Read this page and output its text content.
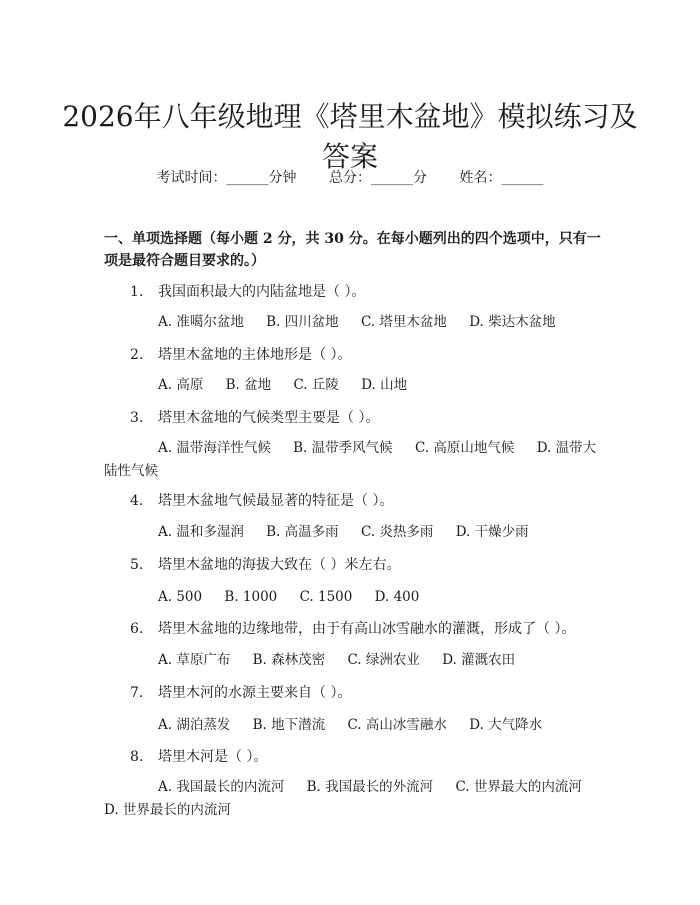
2026年八年级地理《塔里木盆地》模拟练习及答案
考试时间：______分钟 总分：______分 姓名：______
一、单项选择题（每小题 2 分，共 30 分。在每小题列出的四个选项中，只有一项是最符合题目要求的。）
1. 我国面积最大的内陆盆地是（ ）。
A. 准噶尔盆地 B. 四川盆地 C. 塔里木盆地 D. 柴达木盆地
2. 塔里木盆地的主体地形是（ ）。
A. 高原 B. 盆地 C. 丘陵 D. 山地
3. 塔里木盆地的气候类型主要是（ ）。
A. 温带海洋性气候 B. 温带季风气候 C. 高原山地气候 D. 温带大陆性气候
4. 塔里木盆地气候最显著的特征是（ ）。
A. 温和多湿润 B. 高温多雨 C. 炎热多雨 D. 干燥少雨
5. 塔里木盆地的海拔大致在（ ）米左右。
A. 500 B. 1000 C. 1500 D. 400
6. 塔里木盆地的边缘地带，由于有高山冰雪融水的灌溉，形成了（ ）。
A. 草原广布 B. 森林茂密 C. 绿洲农业 D. 灌溉农田
7. 塔里木河的水源主要来自（ ）。
A. 湖泊蒸发 B. 地下潜流 C. 高山冰雪融水 D. 大气降水
8. 塔里木河是（ ）。
A. 我国最长的内流河 B. 我国最长的外流河 C. 世界最大的内流河 D. 世界最长的内流河
